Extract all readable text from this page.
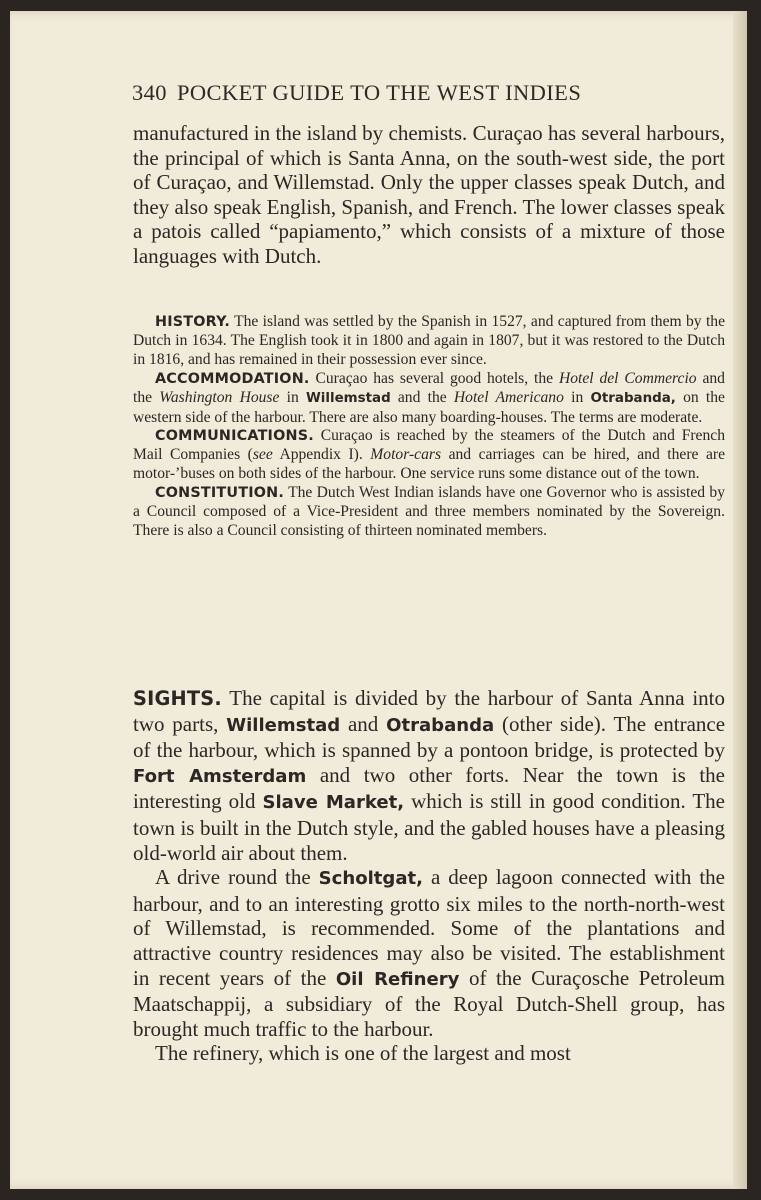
340 POCKET GUIDE TO THE WEST INDIES

manufactured in the island by chemists. Curaçao has several harbours, the principal of which is Santa Anna, on the south-west side, the port of Curaçao, and Willemstad. Only the upper classes speak Dutch, and they also speak English, Spanish, and French. The lower classes speak a patois called “papiamento,” which consists of a mixture of those languages with Dutch.

HISTORY. The island was settled by the Spanish in 1527, and captured from them by the Dutch in 1634. The English took it in 1800 and again in 1807, but it was restored to the Dutch in 1816, and has remained in their possession ever since.

ACCOMMODATION. Curaçao has several good hotels, the Hotel del Commercio and the Washington House in Willemstad and the Hotel Americano in Otrabanda, on the western side of the harbour. There are also many boarding-houses. The terms are moderate.

COMMUNICATIONS. Curaçao is reached by the steamers of the Dutch and French Mail Companies (see Appendix I). Motor-cars and carriages can be hired, and there are motor-’buses on both sides of the harbour. One service runs some distance out of the town.

CONSTITUTION. The Dutch West Indian islands have one Governor who is assisted by a Council composed of a Vice-President and three members nominated by the Sovereign. There is also a Council consisting of thirteen nominated members.

SIGHTS. The capital is divided by the harbour of Santa Anna into two parts, Willemstad and Otrabanda (other side). The entrance of the harbour, which is spanned by a pontoon bridge, is protected by Fort Amsterdam and two other forts. Near the town is the interesting old Slave Market, which is still in good condition. The town is built in the Dutch style, and the gabled houses have a pleasing old-world air about them.

A drive round the Scholtgat, a deep lagoon connected with the harbour, and to an interesting grotto six miles to the north-north-west of Willemstad, is recommended. Some of the plantations and attractive country residences may also be visited. The establishment in recent years of the Oil Refinery of the Curaçosche Petroleum Maatschappij, a subsidiary of the Royal Dutch-Shell group, has brought much traffic to the harbour.

The refinery, which is one of the largest and most
